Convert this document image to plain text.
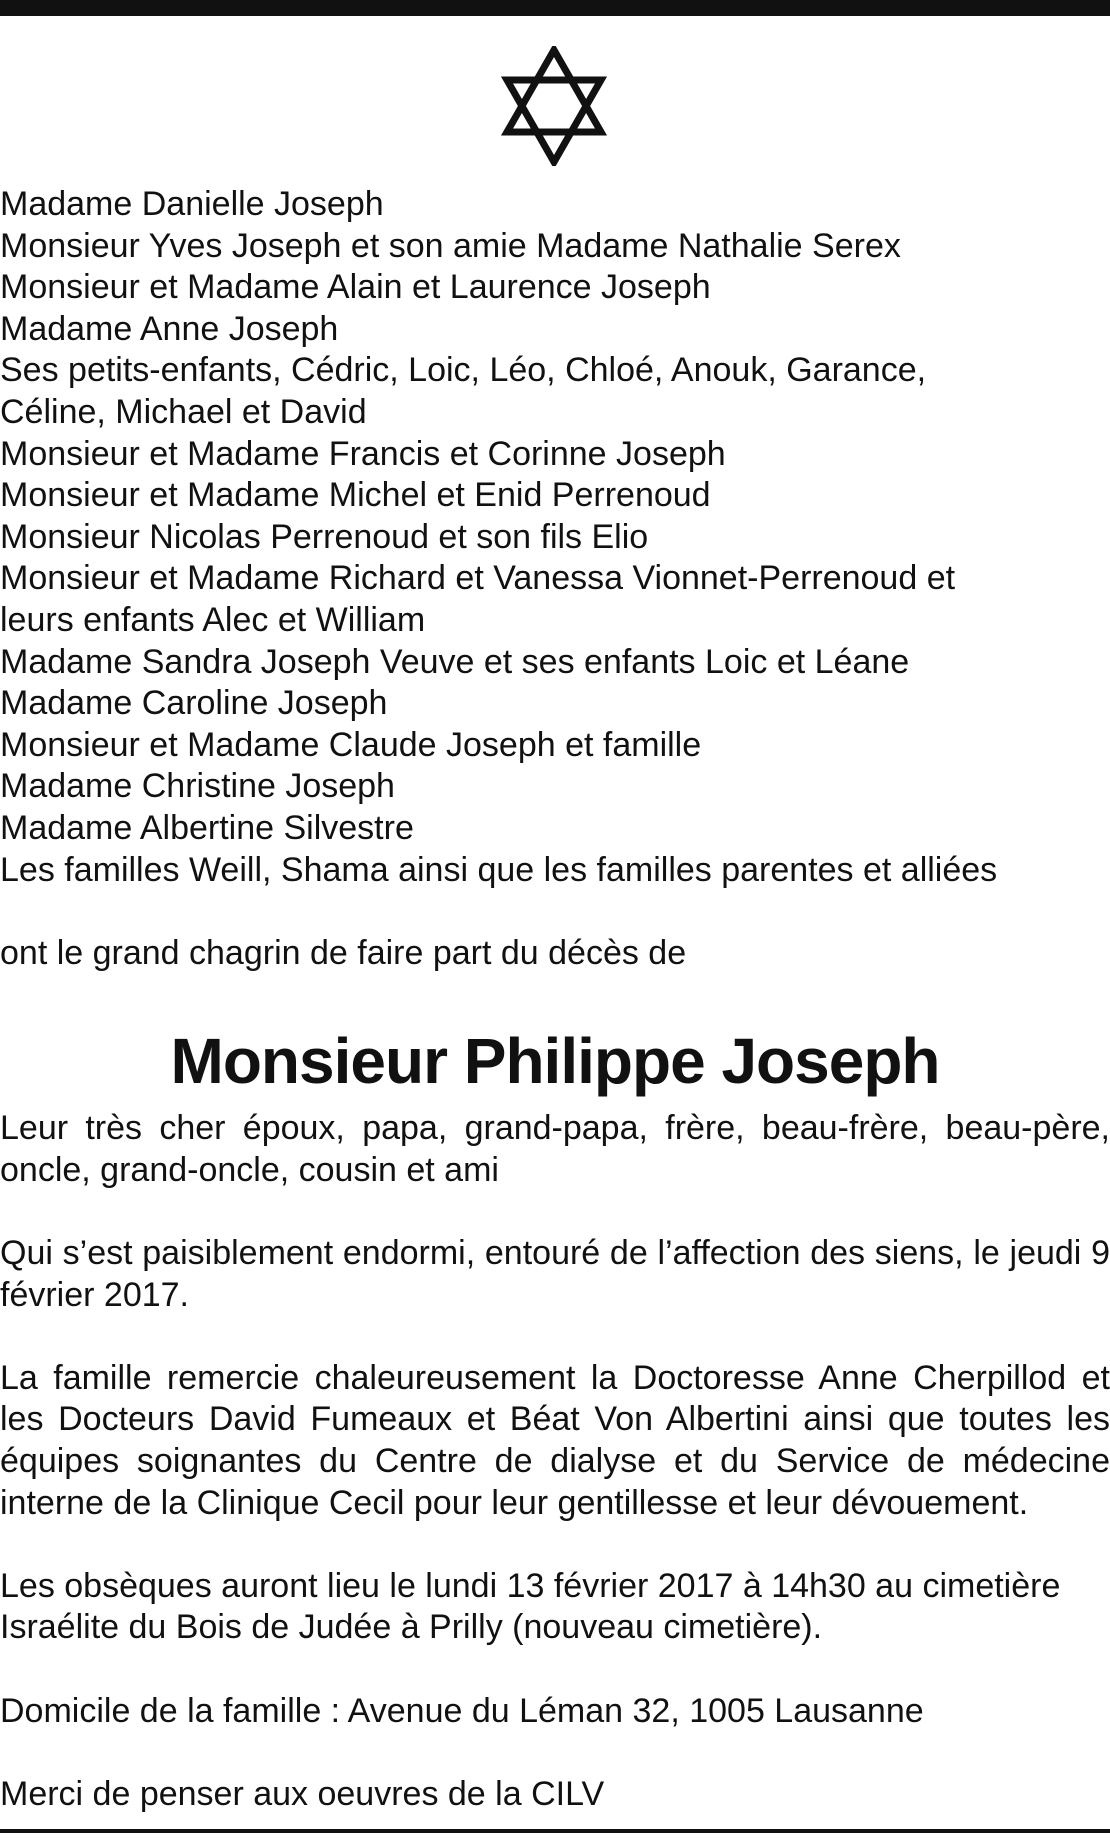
Madame Danielle Joseph
Monsieur Yves Joseph et son amie Madame Nathalie Serex
Monsieur et Madame Alain et Laurence Joseph
Madame Anne Joseph
Ses petits-enfants, Cédric, Loic, Léo, Chloé, Anouk, Garance, Céline, Michael et David
Monsieur et Madame Francis et Corinne Joseph
Monsieur et Madame Michel et Enid Perrenoud
Monsieur Nicolas Perrenoud et son fils Elio
Monsieur et Madame Richard et Vanessa Vionnet-Perrenoud et leurs enfants Alec et William
Madame Sandra Joseph Veuve et ses enfants Loic et Léane
Madame Caroline Joseph
Monsieur et Madame Claude Joseph et famille
Madame Christine Joseph
Madame Albertine Silvestre
Les familles Weill, Shama ainsi que les familles parentes et alliées

ont le grand chagrin de faire part du décès de

Monsieur Philippe Joseph

Leur très cher époux, papa, grand-papa, frère, beau-frère, beau-père, oncle, grand-oncle, cousin et ami

Qui s’est paisiblement endormi, entouré de l’affection des siens, le jeudi 9 février 2017.

La famille remercie chaleureusement la Doctoresse Anne Cherpillod et les Docteurs David Fumeaux et Béat Von Albertini ainsi que toutes les équipes soignantes du Centre de dialyse et du Service de médecine interne de la Clinique Cecil pour leur gentillesse et leur dévouement.

Les obsèques auront lieu le lundi 13 février 2017 à 14h30 au cimetière Israélite du Bois de Judée à Prilly (nouveau cimetière).

Domicile de la famille : Avenue du Léman 32, 1005 Lausanne

Merci de penser aux oeuvres de la CILV
